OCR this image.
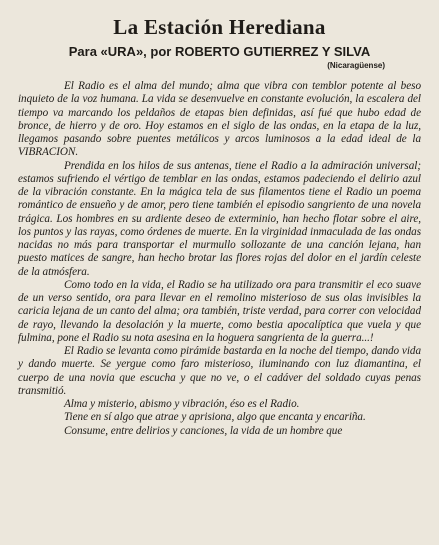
La Estación Herediana
Para «URA», por ROBERTO GUTIERREZ Y SILVA
(Nicaragüense)

El Radio es el alma del mundo; alma que vibra con temblor potente al beso inquieto de la voz humana. La vida se desenvuelve en constante evolución, la escalera del tiempo va marcando los peldaños de etapas bien definidas, así fué que hubo edad de bronce, de hierro y de oro. Hoy estamos en el siglo de las ondas, en la etapa de la luz, llegamos pasando sobre puentes metálicos y arcos luminosos a la edad ideal de la VIBRACION.

Prendida en los hilos de sus antenas, tiene el Radio a la admiración universal; estamos sufriendo el vértigo de temblar en las ondas, estamos padeciendo el delirio azul de la vibración constante. En la mágica tela de sus filamentos tiene el Radio un poema romántico de ensueño y de amor, pero tiene también el episodio sangriento de una novela trágica. Los hombres en su ardiente deseo de exterminio, han hecho flotar sobre el aire, los puntos y las rayas, como órdenes de muerte. En la virginidad inmaculada de las ondas nacidas no más para transportar el murmullo sollozante de una canción lejana, han puesto matices de sangre, han hecho brotar las flores rojas del dolor en el jardín celeste de la atmósfera.

Como todo en la vida, el Radio se ha utilizado ora para transmitir el eco suave de un verso sentido, ora para llevar en el remolino misterioso de sus olas invisibles la caricia lejana de un canto del alma; ora también, triste verdad, para correr con velocidad de rayo, llevando la desolación y la muerte, como bestia apocalíptica que vuela y que fulmina, pone el Radio su nota asesina en la hoguera sangrienta de la guerra...!

El Radio se levanta como pirámide bastarda en la noche del tiempo, dando vida y dando muerte. Se yergue como faro misterioso, iluminando con luz diamantina, el cuerpo de una novia que escucha y que no ve, o el cadáver del soldado cuyas penas transmitió.

Alma y misterio, abismo y vibración, éso es el Radio.

Tiene en sí algo que atrae y aprisiona, algo que encanta y encariña.

Consume, entre delirios y canciones, la vida de un hombre que
